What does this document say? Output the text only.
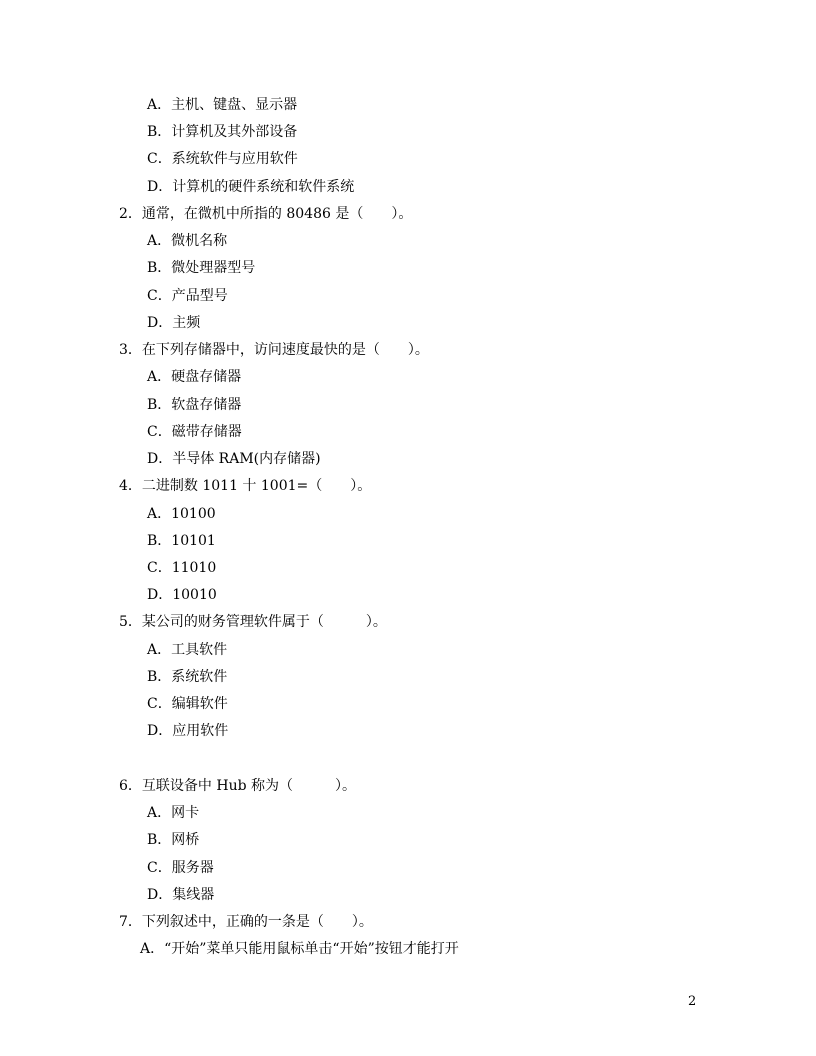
A．主机、键盘、显示器
B．计算机及其外部设备
C．系统软件与应用软件
D．计算机的硬件系统和软件系统
2．通常，在微机中所指的 80486 是（　　）。
A．微机名称
B．微处理器型号
C．产品型号
D．主频
3．在下列存储器中，访问速度最快的是（　　）。
A．硬盘存储器
B．软盘存储器
C．磁带存储器
D．半导体 RAM(内存储器)
4．二进制数 1011 十 1001=（　　）。
A．10100
B．10101
C．11010
D．10010
5．某公司的财务管理软件属于（　　　）。
A．工具软件
B．系统软件
C．编辑软件
D．应用软件
6．互联设备中 Hub 称为（　　　）。
A．网卡
B．网桥
C．服务器
D．集线器
7．下列叙述中，正确的一条是（　　）。
A．“开始”菜单只能用鼠标单击“开始”按钮才能打开
2
